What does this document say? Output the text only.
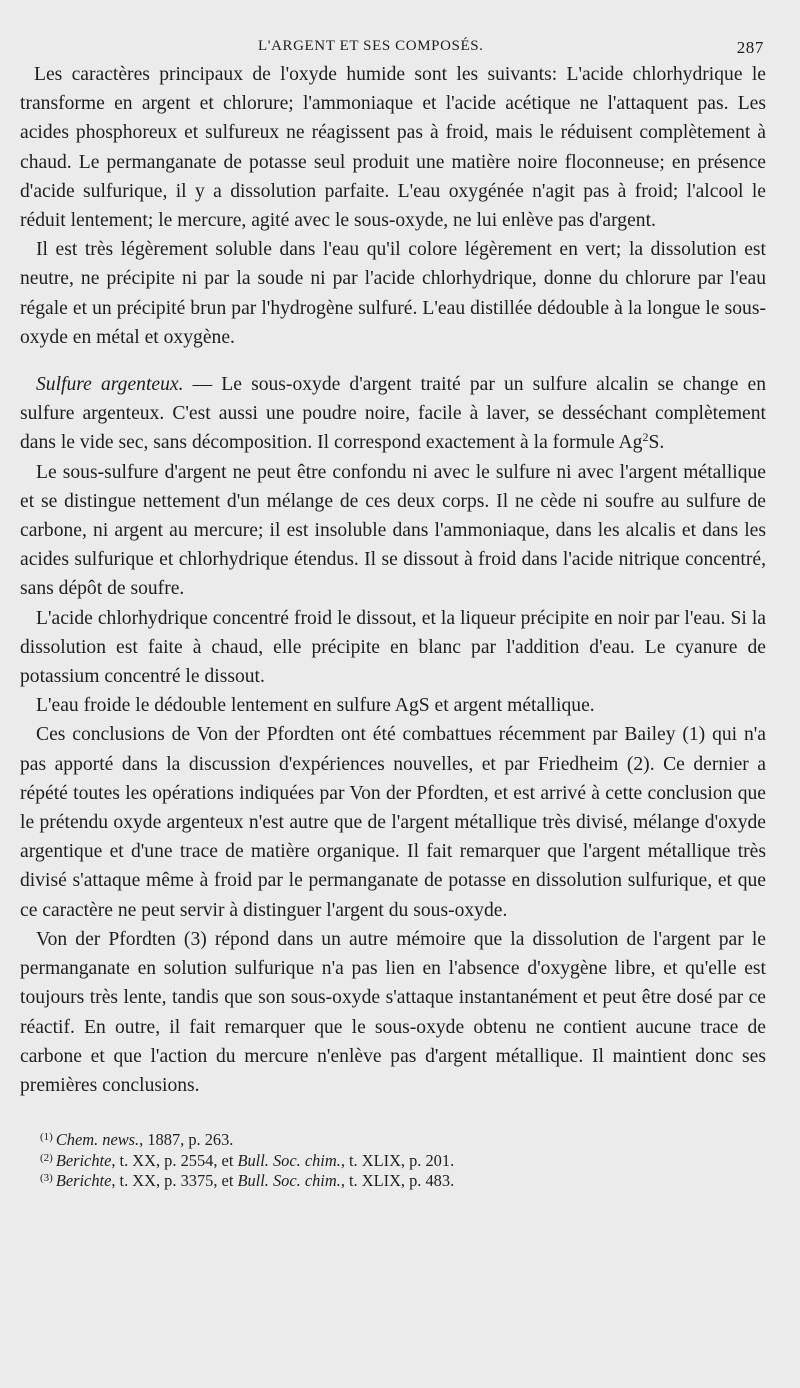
L'ARGENT ET SES COMPOSÉS.	287

Les caractères principaux de l'oxyde humide sont les suivants: L'acide chlorhydrique le transforme en argent et chlorure; l'ammoniaque et l'acide acétique ne l'attaquent pas. Les acides phosphoreux et sulfureux ne réagissent pas à froid, mais le réduisent complètement à chaud. Le permanganate de potasse seul produit une matière noire floconneuse; en présence d'acide sulfurique, il y a dissolution parfaite. L'eau oxygénée n'agit pas à froid; l'alcool le réduit lentement; le mercure, agité avec le sous-oxyde, ne lui enlève pas d'argent.

Il est très légèrement soluble dans l'eau qu'il colore légèrement en vert; la dissolution est neutre, ne précipite ni par la soude ni par l'acide chlorhydrique, donne du chlorure par l'eau régale et un précipité brun par l'hydrogène sulfuré. L'eau distillée dédouble à la longue le sous-oxyde en métal et oxygène.

Sulfure argenteux. — Le sous-oxyde d'argent traité par un sulfure alcalin se change en sulfure argenteux. C'est aussi une poudre noire, facile à laver, se desséchant complètement dans le vide sec, sans décomposition. Il correspond exactement à la formule Ag$^2$S.

Le sous-sulfure d'argent ne peut être confondu ni avec le sulfure ni avec l'argent métallique et se distingue nettement d'un mélange de ces deux corps. Il ne cède ni soufre au sulfure de carbone, ni argent au mercure; il est insoluble dans l'ammoniaque, dans les alcalis et dans les acides sulfurique et chlorhydrique étendus. Il se dissout à froid dans l'acide nitrique concentré, sans dépôt de soufre.

L'acide chlorhydrique concentré froid le dissout, et la liqueur précipite en noir par l'eau. Si la dissolution est faite à chaud, elle précipite en blanc par l'addition d'eau. Le cyanure de potassium concentré le dissout.

L'eau froide le dédouble lentement en sulfure AgS et argent métallique.

Ces conclusions de Von der Pfordten ont été combattues récemment par Bailey (1) qui n'a pas apporté dans la discussion d'expériences nouvelles, et par Friedheim (2). Ce dernier a répété toutes les opérations indiquées par Von der Pfordten, et est arrivé à cette conclusion que le prétendu oxyde argenteux n'est autre que de l'argent métallique très divisé, mélange d'oxyde argentique et d'une trace de matière organique. Il fait remarquer que l'argent métallique très divisé s'attaque même à froid par le permanganate de potasse en dissolution sulfurique, et que ce caractère ne peut servir à distinguer l'argent du sous-oxyde.

Von der Pfordten (3) répond dans un autre mémoire que la dissolution de l'argent par le permanganate en solution sulfurique n'a pas lien en l'absence d'oxygène libre, et qu'elle est toujours très lente, tandis que son sous-oxyde s'attaque instantanément et peut être dosé par ce réactif. En outre, il fait remarquer que le sous-oxyde obtenu ne contient aucune trace de carbone et que l'action du mercure n'enlève pas d'argent métallique. Il maintient donc ses premières conclusions.

$^{(1)}$ Chem. news., 1887, p. 263.

$^{(2)}$ Berichte, t. XX, p. 2554, et Bull. Soc. chim., t. XLIX, p. 201.

$^{(3)}$ Berichte, t. XX, p. 3375, et Bull. Soc. chim., t. XLIX, p. 483.
